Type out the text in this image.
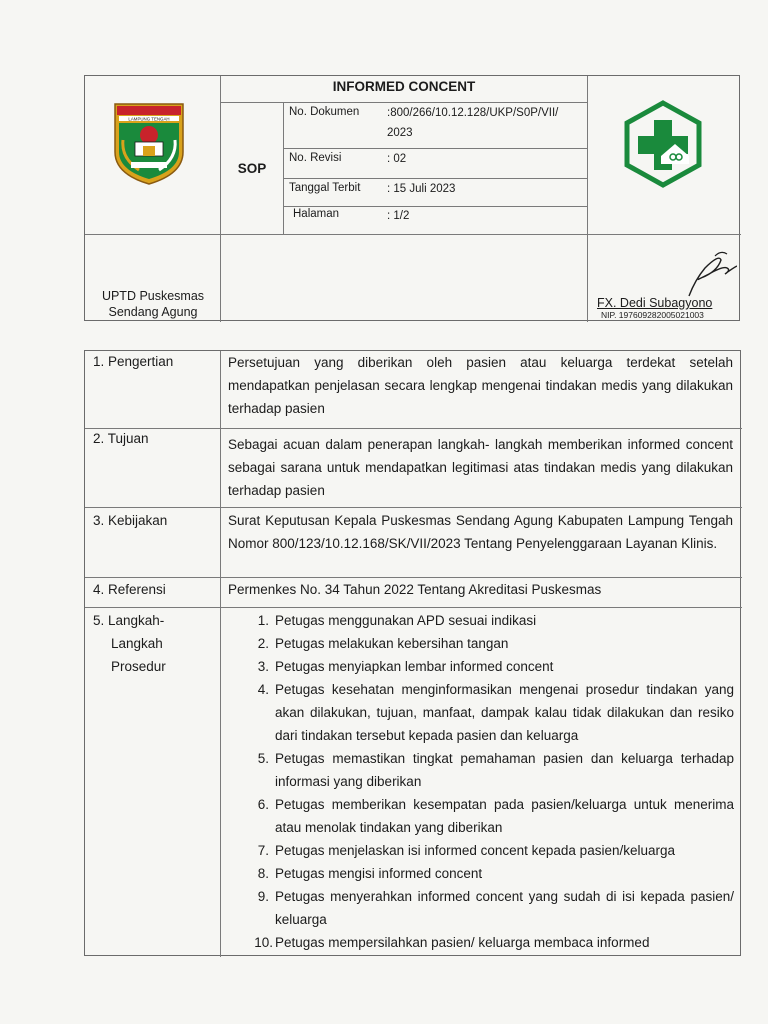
LAMPUNG TENGAH
INFORMED CONCENT
SOP
No. Dokumen :800/266/10.12.128/UKP/S0P/VII/ 2023
No. Revisi	: 02
Tanggal Terbit : 15 Juli 2023
Halaman	: 1/2
UPTD Puskesmas
Sendang Agung
FX. Dedi Subagyono
NIP. 197609282005021003
1. Pengertian	Persetujuan yang diberikan oleh pasien atau keluarga terdekat setelah mendapatkan penjelasan secara lengkap mengenai tindakan medis yang dilakukan terhadap pasien
2. Tujuan	Sebagai acuan dalam penerapan langkah- langkah memberikan informed concent sebagai sarana untuk mendapatkan legitimasi atas tindakan medis yang dilakukan terhadap pasien
3. Kebijakan	Surat Keputusan Kepala Puskesmas Sendang Agung Kabupaten Lampung Tengah Nomor 800/123/10.12.168/SK/VII/2023 Tentang Penyelenggaraan Layanan Klinis.
4. Referensi	Permenkes No. 34 Tahun 2022 Tentang Akreditasi Puskesmas
5. Langkah-
Langkah
Prosedur
1. Petugas menggunakan APD sesuai indikasi
2. Petugas melakukan kebersihan tangan
3. Petugas menyiapkan lembar informed concent
4. Petugas kesehatan menginformasikan mengenai prosedur tindakan yang akan dilakukan, tujuan, manfaat, dampak kalau tidak dilakukan dan resiko dari tindakan tersebut kepada pasien dan keluarga
5. Petugas memastikan tingkat pemahaman pasien dan keluarga terhadap informasi yang diberikan
6. Petugas memberikan kesempatan pada pasien/keluarga untuk menerima atau menolak tindakan yang diberikan
7. Petugas menjelaskan isi informed concent kepada pasien/keluarga
8. Petugas mengisi informed concent
9. Petugas menyerahkan informed concent yang sudah di isi kepada pasien/ keluarga
10. Petugas mempersilahkan pasien/ keluarga membaca informed
